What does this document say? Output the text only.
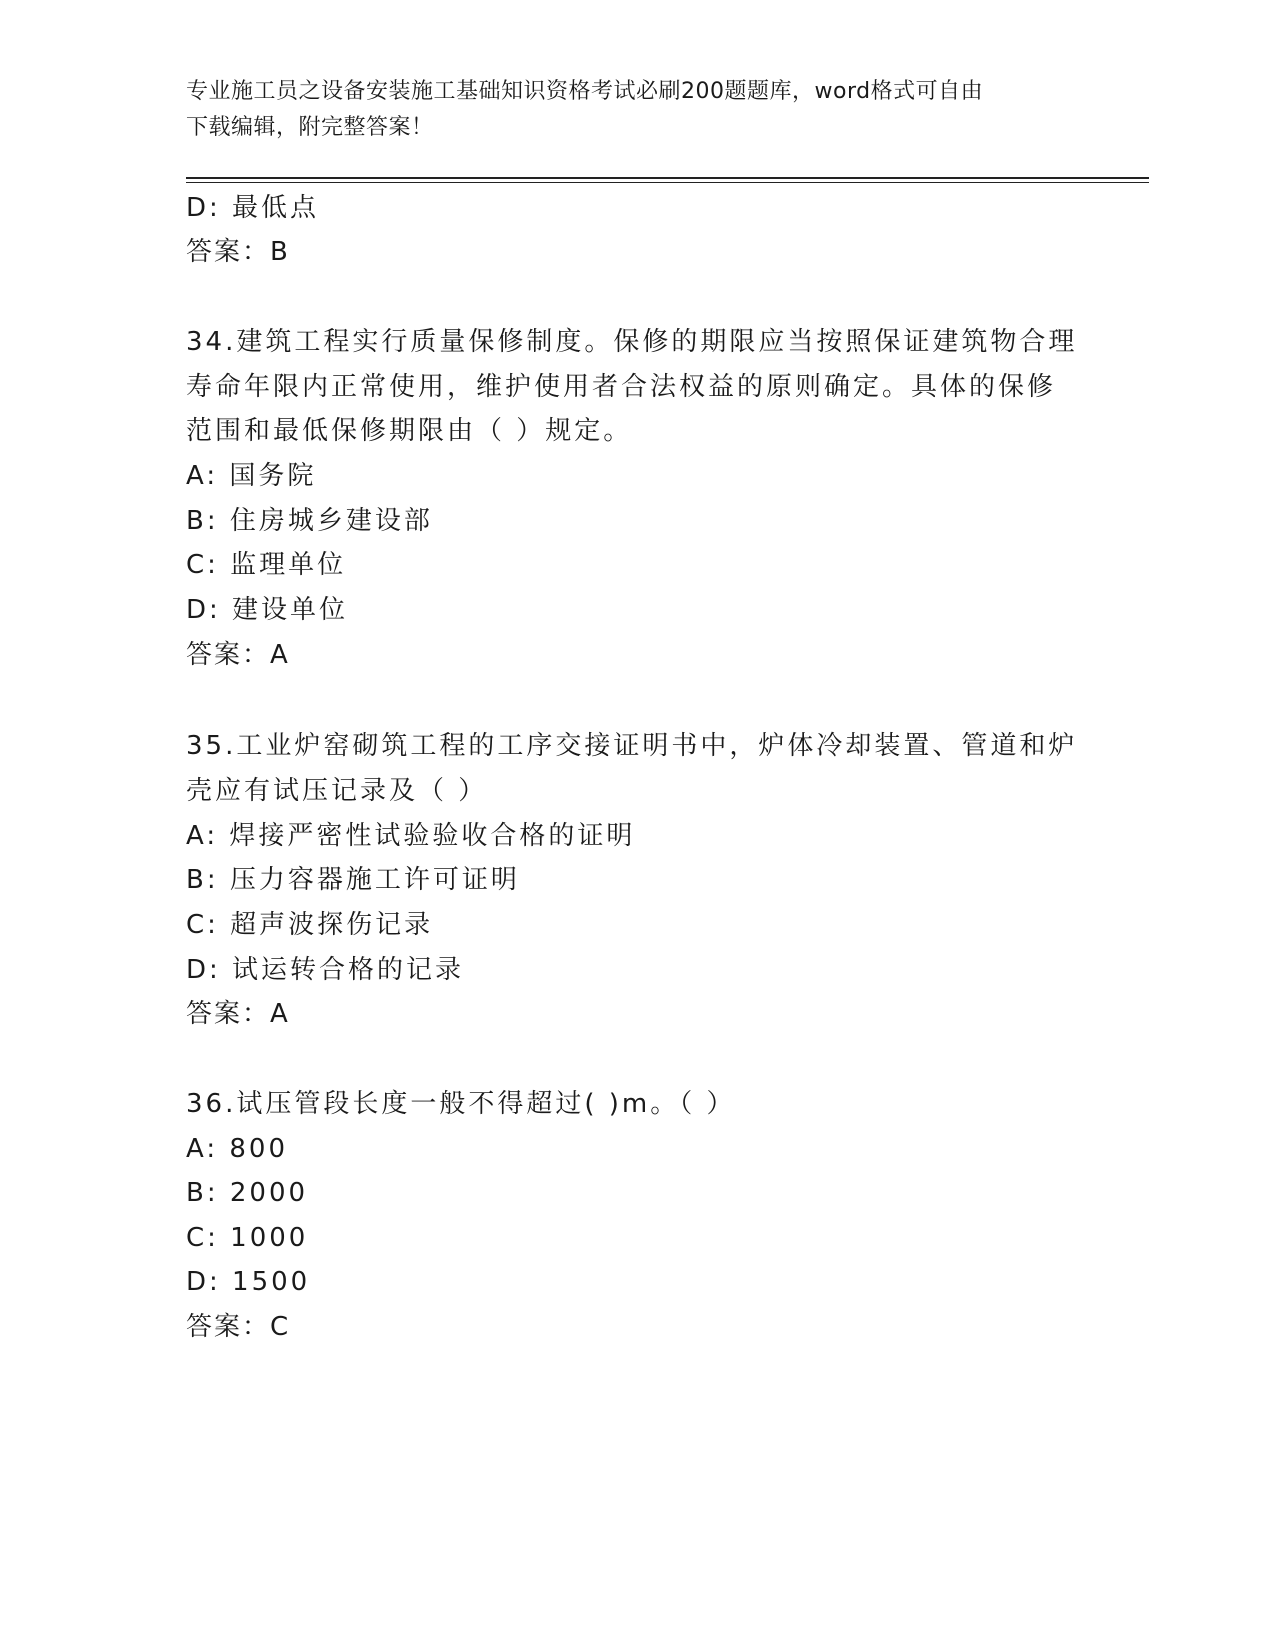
专业施工员之设备安装施工基础知识资格考试必刷200题题库，word格式可自由
下载编辑，附完整答案！
D: 最低点
答案：B
34.建筑工程实行质量保修制度。保修的期限应当按照保证建筑物合理
寿命年限内正常使用，维护使用者合法权益的原则确定。具体的保修
范围和最低保修期限由（ ）规定。
A: 国务院
B: 住房城乡建设部
C: 监理单位
D: 建设单位
答案：A
35.工业炉窑砌筑工程的工序交接证明书中，炉体冷却装置、管道和炉
壳应有试压记录及（ ）
A: 焊接严密性试验验收合格的证明
B: 压力容器施工许可证明
C: 超声波探伤记录
D: 试运转合格的记录
答案：A
36.试压管段长度一般不得超过( )m。（ ）
A: 800
B: 2000
C: 1000
D: 1500
答案：C
